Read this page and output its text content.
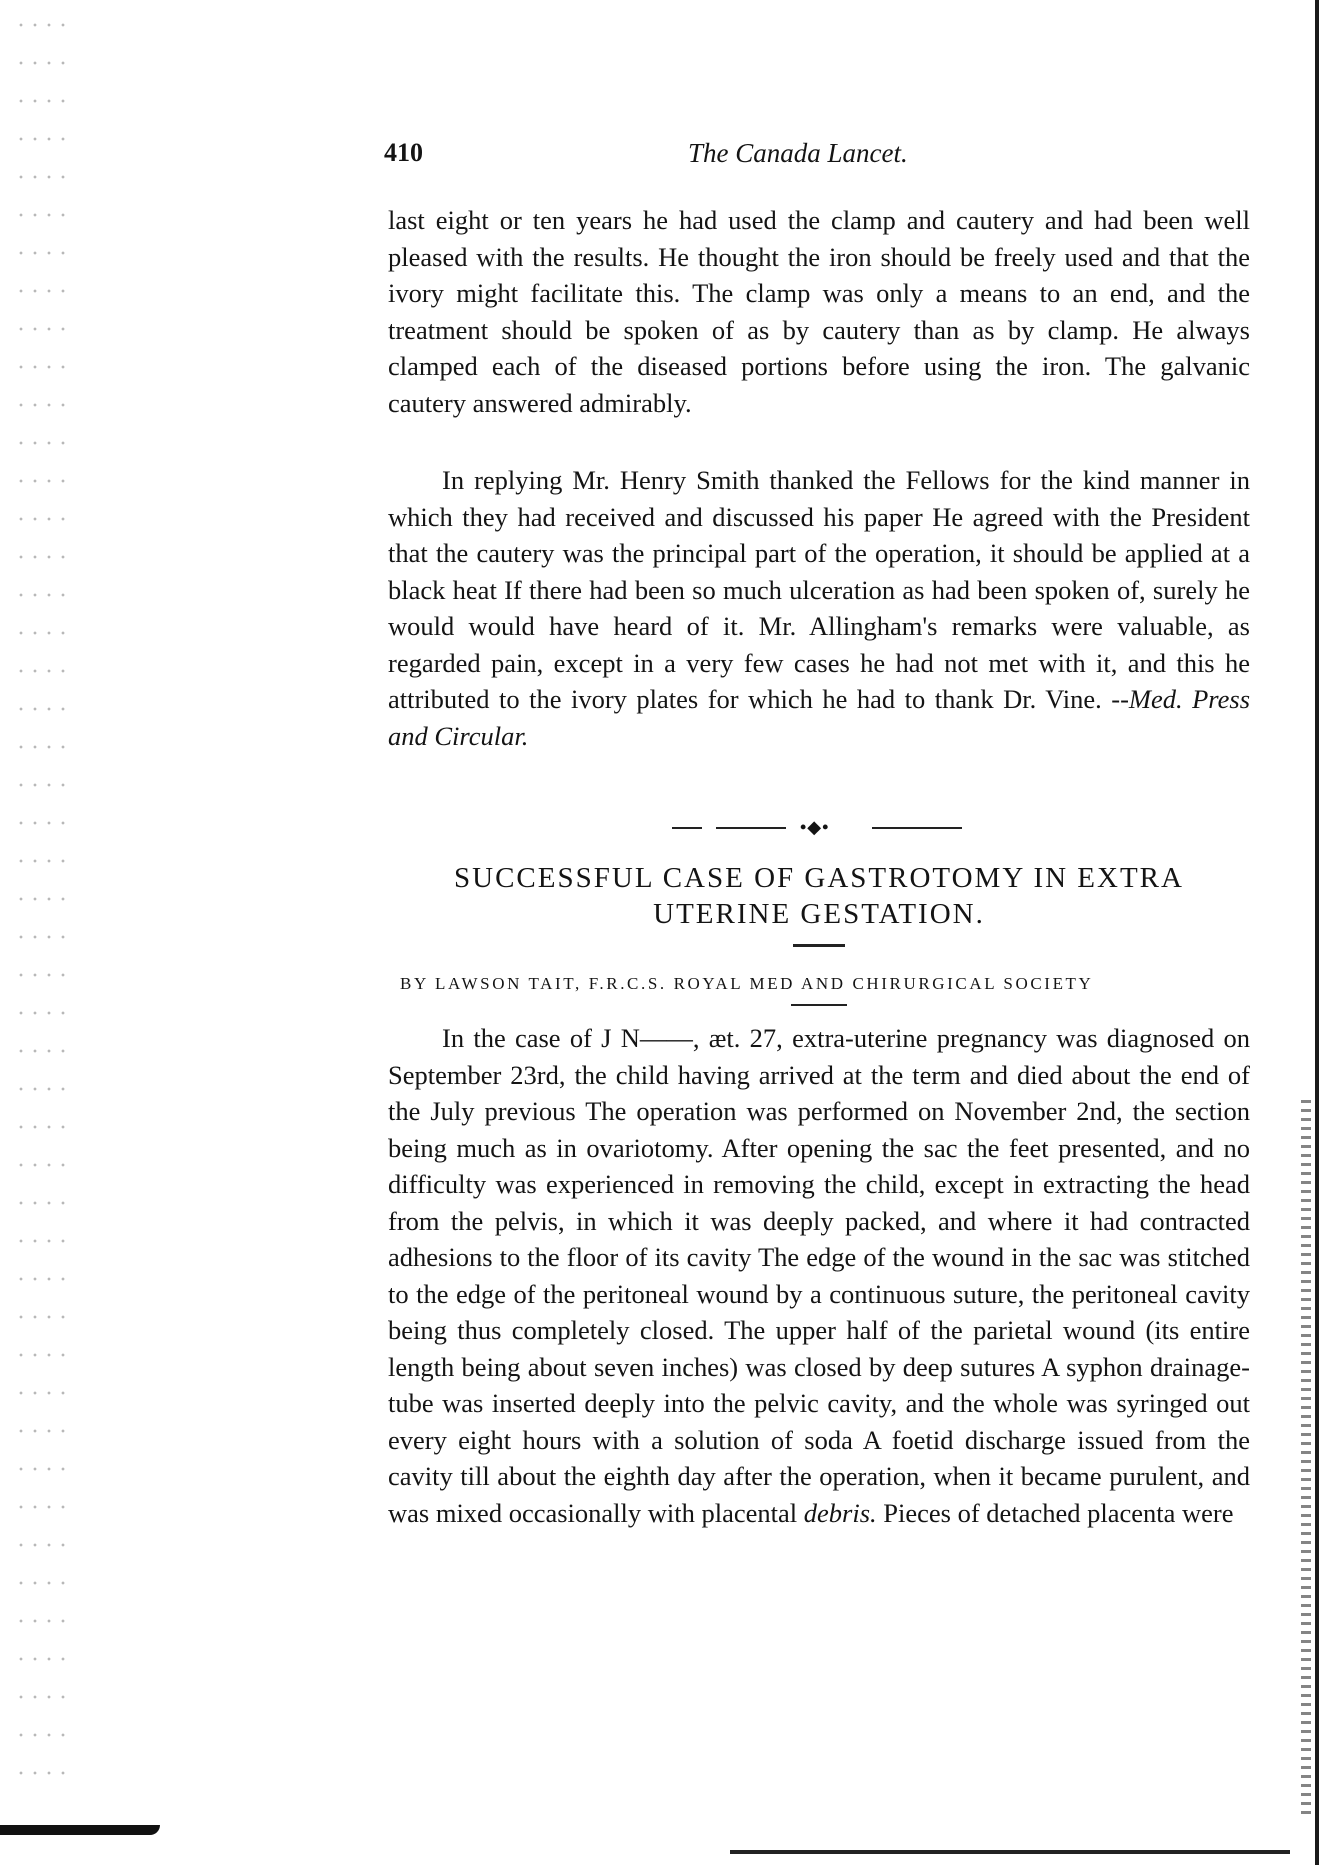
410	The Canada Lancet.

last eight or ten years he had used the clamp and cautery and had been well pleased with the results. He thought the iron should be freely used and that the ivory might facilitate this. The clamp was only a means to an end, and the treatment should be spoken of as by cautery than as by clamp. He always clamped each of the diseased portions before using the iron. The galvanic cautery answered admirably.

In replying Mr. Henry Smith thanked the Fellows for the kind manner in which they had received and discussed his paper He agreed with the President that the cautery was the principal part of the operation, it should be applied at a black heat If there had been so much ulceration as had been spoken of, surely he would would have heard of it. Mr. Allingham's remarks were valuable, as regarded pain, except in a very few cases he had not met with it, and this he attributed to the ivory plates for which he had to thank Dr. Vine. --Med. Press and Circular.

•◆•
SUCCESSFUL CASE OF GASTROTOMY IN EXTRA
UTERINE GESTATION.
BY LAWSON TAIT, F.R.C.S. ROYAL MED AND CHIRURGICAL SOCIETY

In the case of J N——, æt. 27, extra-uterine pregnancy was diagnosed on September 23rd, the child having arrived at the term and died about the end of the July previous The operation was performed on November 2nd, the section being much as in ovariotomy. After opening the sac the feet presented, and no difficulty was experienced in removing the child, except in extracting the head from the pelvis, in which it was deeply packed, and where it had contracted adhesions to the floor of its cavity The edge of the wound in the sac was stitched to the edge of the peritoneal wound by a continuous suture, the peritoneal cavity being thus completely closed. The upper half of the parietal wound (its entire length being about seven inches) was closed by deep sutures A syphon drainage-tube was inserted deeply into the pelvic cavity, and the whole was syringed out every eight hours with a solution of soda A foetid discharge issued from the cavity till about the eighth day after the operation, when it became purulent, and was mixed occasionally with placental debris. Pieces of detached placenta were
